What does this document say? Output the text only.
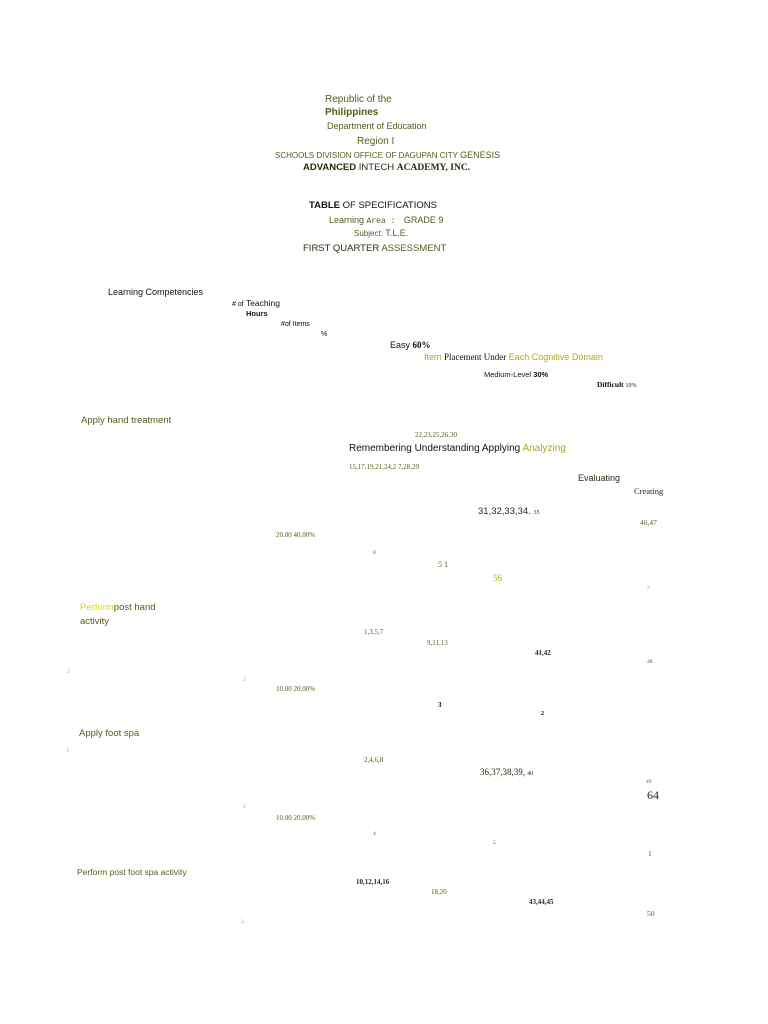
Republic of the
Philippines
Department of Education
Region I
SCHOOLS DIVISION OFFICE OF DAGUPAN CITY GENESIS
ADVANCED INTECH ACADEMY, INC.
TABLE OF SPECIFICATIONS
Learning Area : GRADE 9
Subject: T.L.E.
FIRST QUARTER ASSESSMENT
Learning Competencies
# of Teaching
Hours
#of Items
%
Easy 60%
Item Placement Under Each Cognitive Domain
Medium-Level 30%
Difficult 10%
Apply hand treatment
22,23,25,26,30
Remembering Understanding Applying Analyzing
15,17,19,21,24,2 7,28,29
Evaluating
Creating
31,32,33,34. 35
46,47
20.00 40.00%
8
5 1
56
2
Performpost hand
activity
1,3,5,7
9,11,13
41,42
48
2
2
10.00 20.00%
3
2
Apply foot spa
3
2,4,6,8
36,37,38,39, 40
49
64
2
10.00 20.00%
4
5
1
Perform post foot spa activity
10,12,14,16
18,20
43,44,45
50
2
